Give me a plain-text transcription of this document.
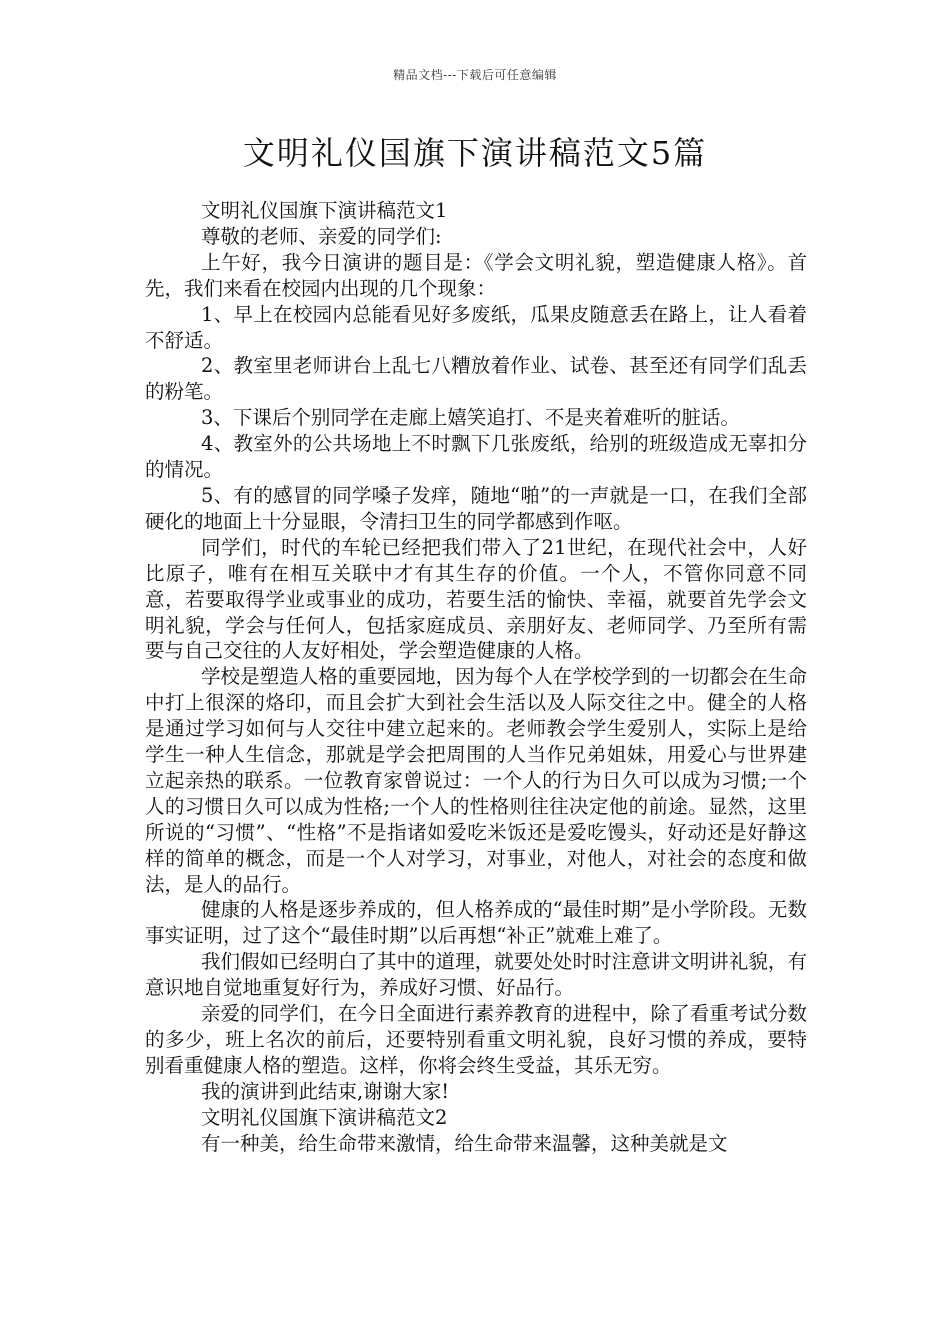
精品文档---下载后可任意编辑
文明礼仪国旗下演讲稿范文5篇

文明礼仪国旗下演讲稿范文1

尊敬的老师、亲爱的同学们:

上午好，我今日演讲的题目是：《学会文明礼貌，塑造健康人格》。首先，我们来看在校园内出现的几个现象：

1、早上在校园内总能看见好多废纸，瓜果皮随意丢在路上，让人看着不舒适。

2、教室里老师讲台上乱七八糟放着作业、试卷、甚至还有同学们乱丢的粉笔。

3、下课后个别同学在走廊上嬉笑追打、不是夹着难听的脏话。

4、教室外的公共场地上不时飘下几张废纸，给别的班级造成无辜扣分的情况。

5、有的感冒的同学嗓子发痒，随地“啪”的一声就是一口，在我们全部硬化的地面上十分显眼，令清扫卫生的同学都感到作呕。

同学们，时代的车轮已经把我们带入了21世纪，在现代社会中，人好比原子，唯有在相互关联中才有其生存的价值。一个人，不管你同意不同意，若要取得学业或事业的成功，若要生活的愉快、幸福，就要首先学会文明礼貌，学会与任何人，包括家庭成员、亲朋好友、老师同学、乃至所有需要与自己交往的人友好相处，学会塑造健康的人格。

学校是塑造人格的重要园地，因为每个人在学校学到的一切都会在生命中打上很深的烙印，而且会扩大到社会生活以及人际交往之中。健全的人格是通过学习如何与人交往中建立起来的。老师教会学生爱别人，实际上是给学生一种人生信念，那就是学会把周围的人当作兄弟姐妹，用爱心与世界建立起亲热的联系。一位教育家曾说过：一个人的行为日久可以成为习惯;一个人的习惯日久可以成为性格;一个人的性格则往往决定他的前途。显然，这里所说的“习惯”、“性格”不是指诸如爱吃米饭还是爱吃馒头，好动还是好静这样的简单的概念，而是一个人对学习，对事业，对他人，对社会的态度和做法，是人的品行。

健康的人格是逐步养成的，但人格养成的“最佳时期”是小学阶段。无数事实证明，过了这个“最佳时期”以后再想“补正”就难上难了。

我们假如已经明白了其中的道理，就要处处时时注意讲文明讲礼貌，有意识地自觉地重复好行为，养成好习惯、好品行。

亲爱的同学们，在今日全面进行素养教育的进程中，除了看重考试分数的多少，班上名次的前后，还要特别看重文明礼貌，良好习惯的养成，要特别看重健康人格的塑造。这样，你将会终生受益，其乐无穷。

我的演讲到此结束,谢谢大家!

文明礼仪国旗下演讲稿范文2

有一种美，给生命带来激情，给生命带来温馨，这种美就是文
